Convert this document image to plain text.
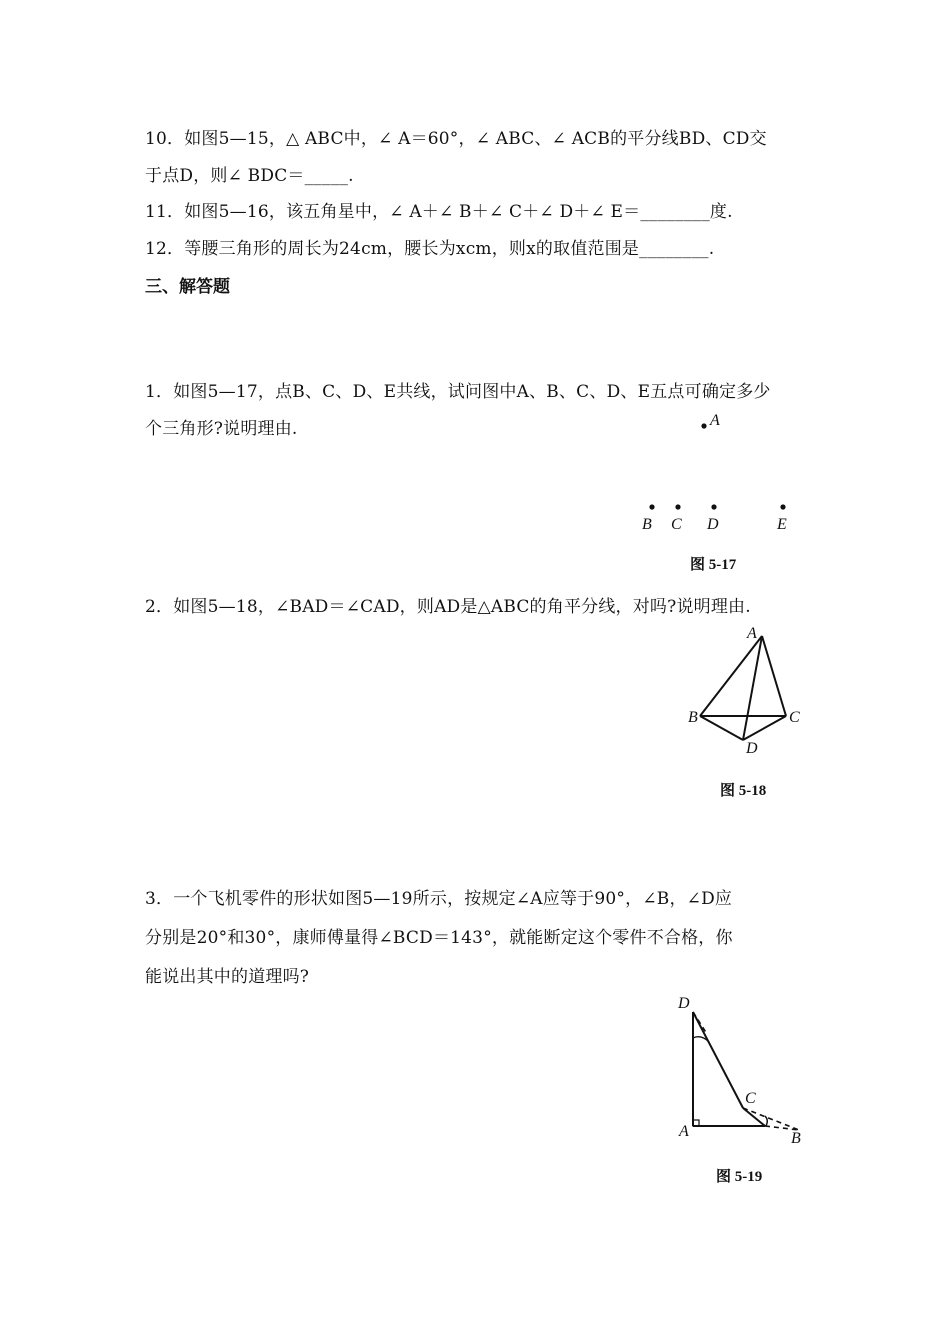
10．如图5—15，△ ABC中，∠ A＝60°，∠ ABC、∠ ACB的平分线BD、CD交
于点D，则∠ BDC＝_____.
11．如图5—16，该五角星中，∠ A＋∠ B＋∠ C＋∠ D＋∠ E＝________度.
12．等腰三角形的周长为24cm，腰长为xcm，则x的取值范围是________.
三、解答题
1．如图5—17，点B、C、D、E共线，试问图中A、B、C、D、E五点可确定多少
个三角形?说明理由.	A
B C D	E
图 5-17
2．如图5—18，∠BAD＝∠CAD，则AD是△ABC的角平分线，对吗?说明理由.
A
B	C
D
图 5-18
3．一个飞机零件的形状如图5—19所示，按规定∠A应等于90°，∠B，∠D应
分别是20°和30°，康师傅量得∠BCD＝143°，就能断定这个零件不合格，你
能说出其中的道理吗?
D
C
A	B
图 5-19
